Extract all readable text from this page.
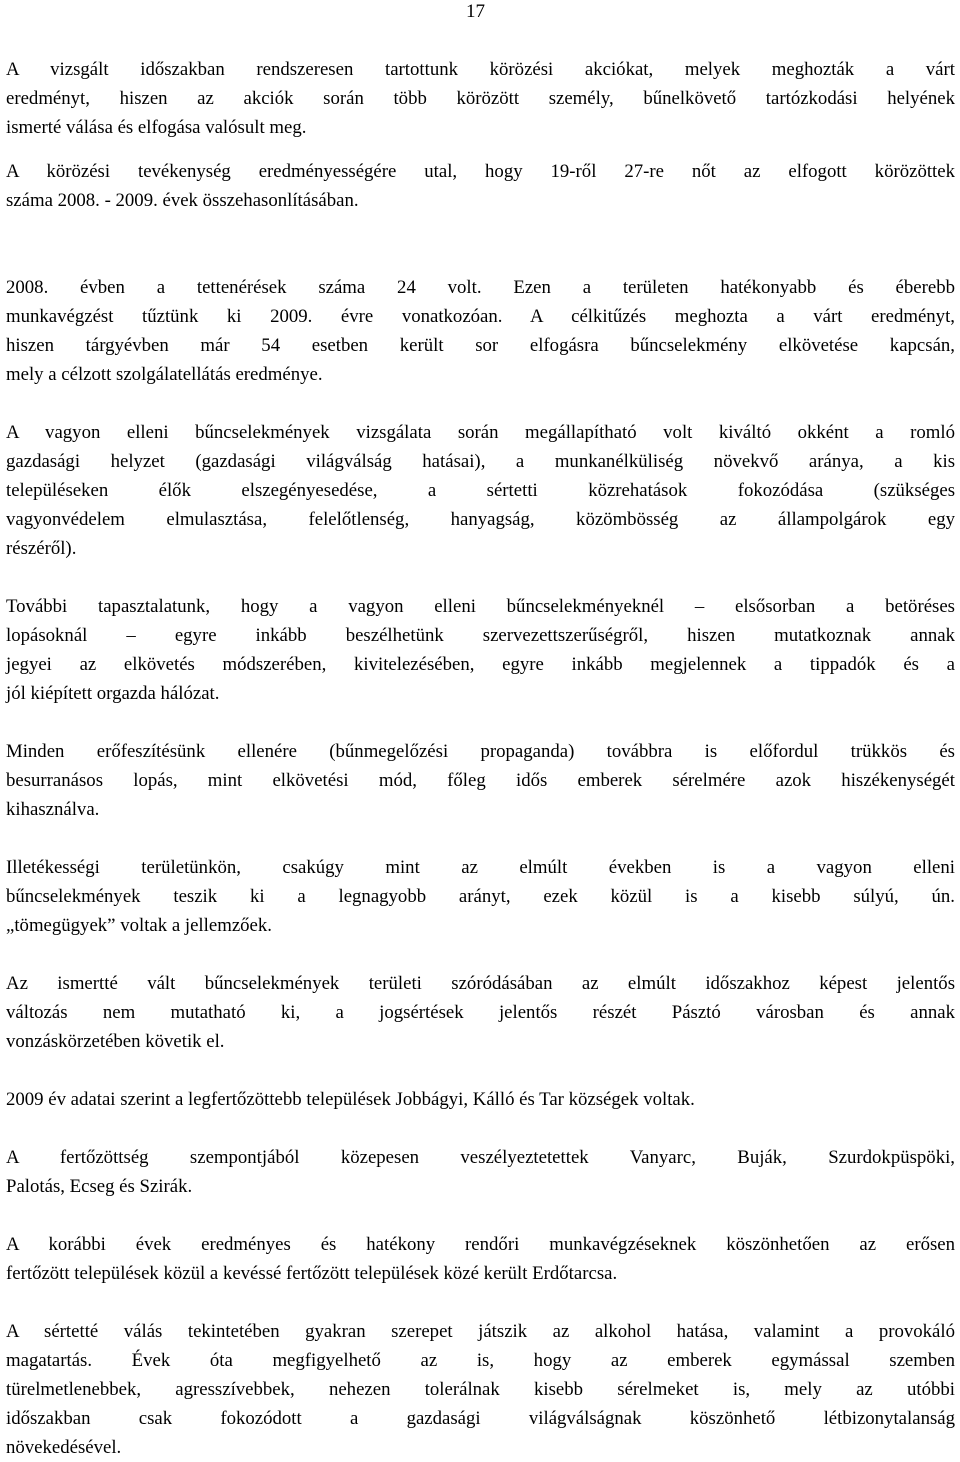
17
A vizsgált időszakban rendszeresen tartottunk körözési akciókat, melyek meghozták a várt
eredményt, hiszen az akciók során több körözött személy, bűnelkövető tartózkodási helyének
ismerté válása és elfogása valósult meg.
A körözési tevékenység eredményességére utal, hogy 19-ről 27-re nőt az elfogott körözöttek
száma 2008. - 2009. évek összehasonlításában.
2008. évben a tettenérések száma 24 volt. Ezen a területen hatékonyabb és éberebb
munkavégzést tűztünk ki 2009. évre vonatkozóan. A célkitűzés meghozta a várt eredményt,
hiszen tárgyévben már 54 esetben került sor elfogásra bűncselekmény elkövetése kapcsán,
mely a célzott szolgálatellátás eredménye.
A vagyon elleni bűncselekmények vizsgálata során megállapítható volt kiváltó okként a romló
gazdasági helyzet (gazdasági világválság hatásai), a munkanélküliség növekvő aránya, a kis
településeken élők elszegényesedése, a sértetti közrehatások fokozódása (szükséges
vagyonvédelem elmulasztása, felelőtlenség, hanyagság, közömbösség az állampolgárok egy
részéről).
További tapasztalatunk, hogy a vagyon elleni bűncselekményeknél – elsősorban a betöréses
lopásoknál – egyre inkább beszélhetünk szervezettszerűségről, hiszen mutatkoznak annak
jegyei az elkövetés módszerében, kivitelezésében, egyre inkább megjelennek a tippadók és a
jól kiépített orgazda hálózat.
Minden erőfeszítésünk ellenére (bűnmegelőzési propaganda) továbbra is előfordul trükkös és
besurranásos lopás, mint elkövetési mód, főleg idős emberek sérelmére azok hiszékenységét
kihasználva.
Illetékességi területünkön, csakúgy mint az elmúlt években is a vagyon elleni
bűncselekmények teszik ki a legnagyobb arányt, ezek közül is a kisebb súlyú, ún.
„tömegügyek” voltak a jellemzőek.
Az ismertté vált bűncselekmények területi szóródásában az elmúlt időszakhoz képest jelentős
változás nem mutatható ki, a jogsértések jelentős részét Pásztó városban és annak
vonzáskörzetében követik el.
2009 év adatai szerint a legfertőzöttebb települések Jobbágyi, Kálló és Tar községek voltak.
A fertőzöttség szempontjából közepesen veszélyeztetettek Vanyarc, Buják, Szurdokpüspöki,
Palotás, Ecseg és Szirák.
A korábbi évek eredményes és hatékony rendőri munkavégzéseknek köszönhetően az erősen
fertőzött települések közül a kevéssé fertőzött települések közé került Erdőtarcsa.
A sértetté válás tekintetében gyakran szerepet játszik az alkohol hatása, valamint a provokáló
magatartás. Évek óta megfigyelhető az is, hogy az emberek egymással szemben
türelmetlenebbek, agresszívebbek, nehezen tolerálnak kisebb sérelmeket is, mely az utóbbi
időszakban csak fokozódott a gazdasági világválságnak köszönhető létbizonytalanság
növekedésével.
